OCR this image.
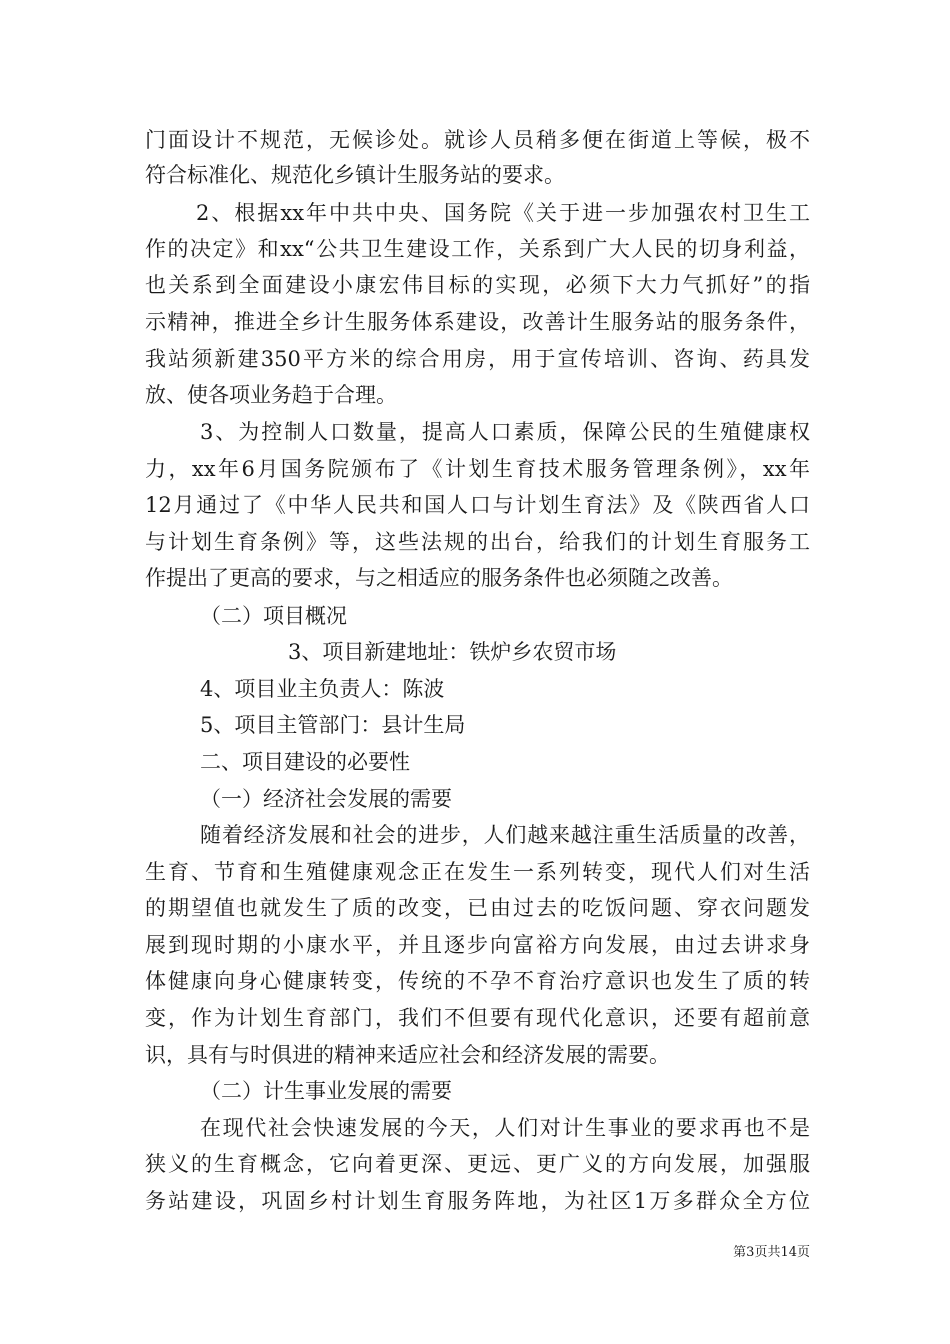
门面设计不规范，无候诊处。就诊人员稍多便在街道上等候，极不
符合标准化、规范化乡镇计生服务站的要求。
2、根据xx年中共中央、国务院《关于进一步加强农村卫生工
作的决定》和xx“公共卫生建设工作，关系到广大人民的切身利益，
也关系到全面建设小康宏伟目标的实现，必须下大力气抓好”的指
示精神，推进全乡计生服务体系建设，改善计生服务站的服务条件，
我站须新建350平方米的综合用房，用于宣传培训、咨询、药具发
放、使各项业务趋于合理。
3、为控制人口数量，提高人口素质，保障公民的生殖健康权
力，xx年6月国务院颁布了《计划生育技术服务管理条例》，xx年
12月通过了《中华人民共和国人口与计划生育法》及《陕西省人口
与计划生育条例》等，这些法规的出台，给我们的计划生育服务工
作提出了更高的要求，与之相适应的服务条件也必须随之改善。
（二）项目概况
3、项目新建地址：铁炉乡农贸市场
4、项目业主负责人：陈波
5、项目主管部门：县计生局
二、项目建设的必要性
（一）经济社会发展的需要
随着经济发展和社会的进步，人们越来越注重生活质量的改善，
生育、节育和生殖健康观念正在发生一系列转变，现代人们对生活
的期望值也就发生了质的改变，已由过去的吃饭问题、穿衣问题发
展到现时期的小康水平，并且逐步向富裕方向发展，由过去讲求身
体健康向身心健康转变，传统的不孕不育治疗意识也发生了质的转
变，作为计划生育部门，我们不但要有现代化意识，还要有超前意
识，具有与时俱进的精神来适应社会和经济发展的需要。
（二）计生事业发展的需要
在现代社会快速发展的今天，人们对计生事业的要求再也不是
狭义的生育概念，它向着更深、更远、更广义的方向发展，加强服
务站建设，巩固乡村计划生育服务阵地，为社区1万多群众全方位
第3页共14页
